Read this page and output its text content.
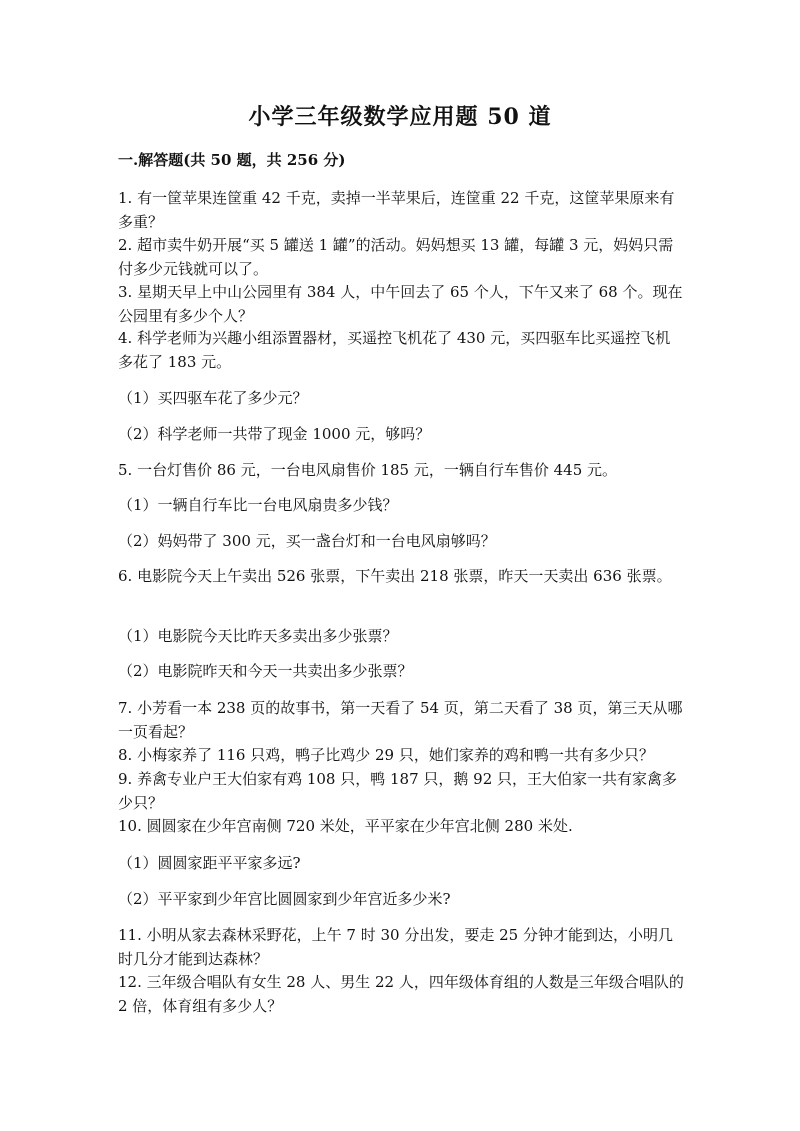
小学三年级数学应用题 50 道
一.解答题(共 50 题，共 256 分)

1. 有一筐苹果连筐重 42 千克，卖掉一半苹果后，连筐重 22 千克，这筐苹果原来有多重？

2. 超市卖牛奶开展“买 5 罐送 1 罐”的活动。妈妈想买 13 罐，每罐 3 元，妈妈只需付多少元钱就可以了。

3. 星期天早上中山公园里有 384 人，中午回去了 65 个人，下午又来了 68 个。现在公园里有多少个人？

4. 科学老师为兴趣小组添置器材，买遥控飞机花了 430 元，买四驱车比买遥控飞机多花了 183 元。

（1）买四驱车花了多少元？

（2）科学老师一共带了现金 1000 元，够吗？

5. 一台灯售价 86 元，一台电风扇售价 185 元，一辆自行车售价 445 元。

（1）一辆自行车比一台电风扇贵多少钱？

（2）妈妈带了 300 元，买一盏台灯和一台电风扇够吗？

6. 电影院今天上午卖出 526 张票，下午卖出 218 张票，昨天一天卖出 636 张票。

（1）电影院今天比昨天多卖出多少张票？

（2）电影院昨天和今天一共卖出多少张票？

7. 小芳看一本 238 页的故事书，第一天看了 54 页，第二天看了 38 页，第三天从哪一页看起？

8. 小梅家养了 116 只鸡，鸭子比鸡少 29 只，她们家养的鸡和鸭一共有多少只？

9. 养禽专业户王大伯家有鸡 108 只，鸭 187 只，鹅 92 只，王大伯家一共有家禽多少只？

10. 圆圆家在少年宫南侧 720 米处，平平家在少年宫北侧 280 米处.

（1）圆圆家距平平家多远?

（2）平平家到少年宫比圆圆家到少年宫近多少米?

11. 小明从家去森林采野花，上午 7 时 30 分出发，要走 25 分钟才能到达，小明几时几分才能到达森林？

12. 三年级合唱队有女生 28 人、男生 22 人，四年级体育组的人数是三年级合唱队的 2 倍，体育组有多少人？
